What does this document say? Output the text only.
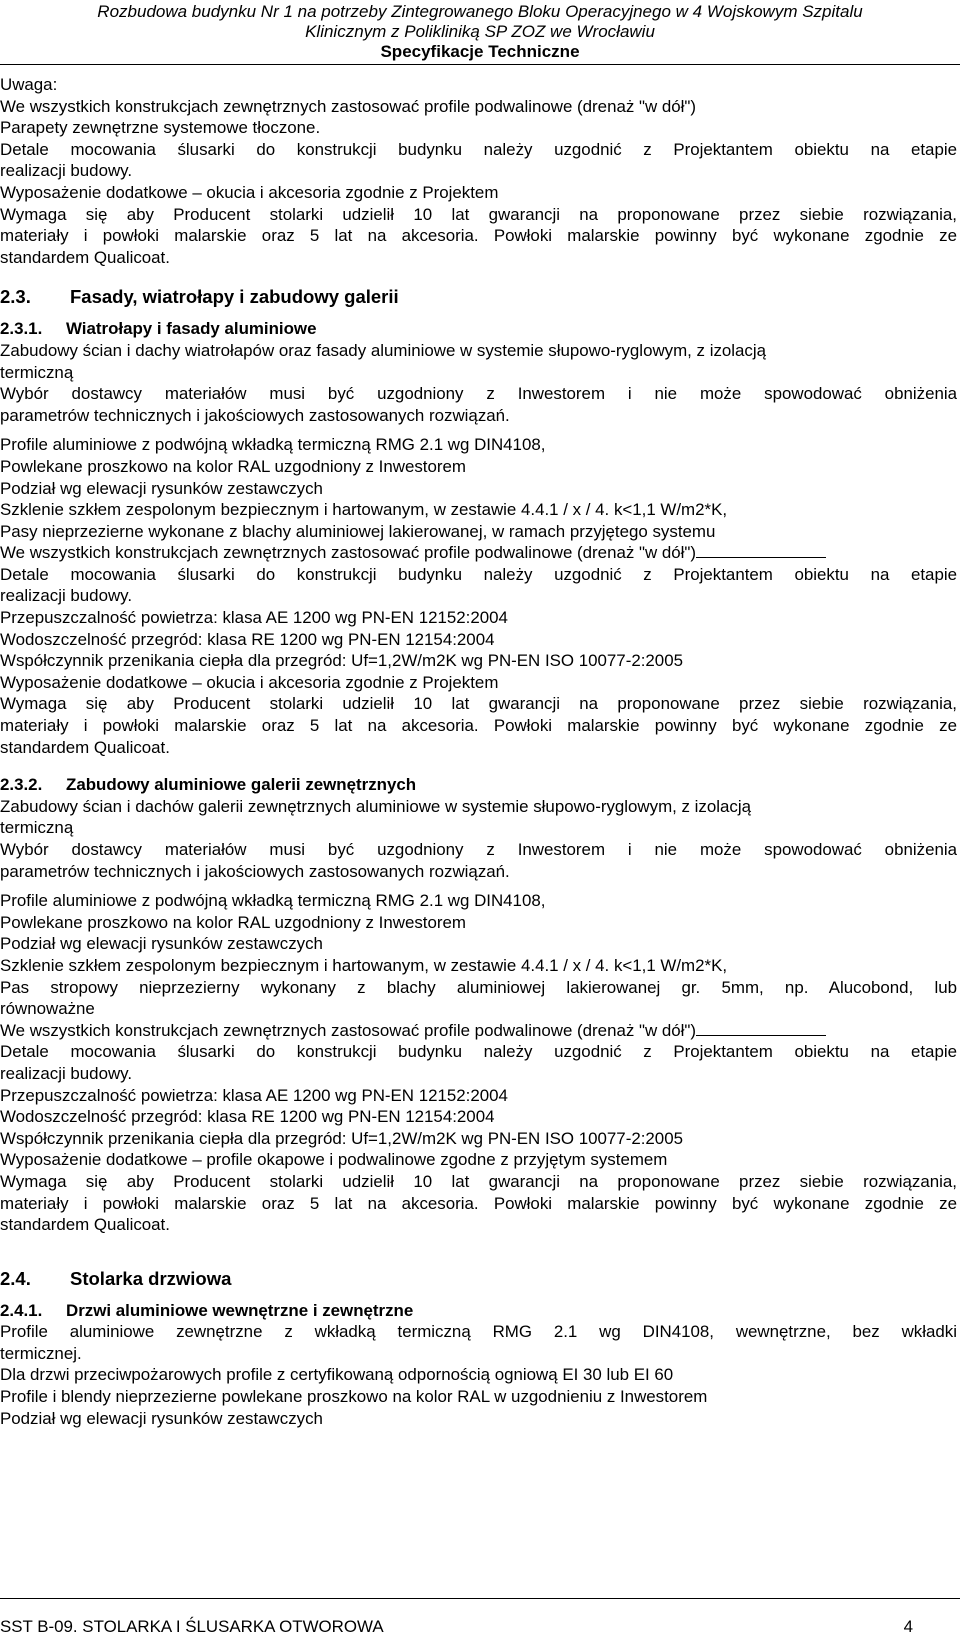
Rozbudowa budynku Nr 1 na potrzeby Zintegrowanego Bloku Operacyjnego w 4 Wojskowym Szpitalu
Klinicznym z Polikliniką SP ZOZ we Wrocławiu
Specyfikacje Techniczne
Uwaga:
We wszystkich konstrukcjach zewnętrznych zastosować profile podwalinowe (drenaż "w dół")
Parapety zewnętrzne systemowe tłoczone.
Detale mocowania ślusarki do konstrukcji budynku należy uzgodnić z Projektantem obiektu na etapie
realizacji budowy.
Wyposażenie dodatkowe – okucia i akcesoria zgodnie z Projektem
Wymaga się aby Producent stolarki udzielił 10 lat gwarancji na proponowane przez siebie rozwiązania,
materiały i powłoki malarskie oraz 5 lat na akcesoria. Powłoki malarskie powinny być wykonane zgodnie ze
standardem Qualicoat.
2.3. Fasady, wiatrołapy i zabudowy galerii
2.3.1. Wiatrołapy i fasady aluminiowe
Zabudowy ścian i dachy wiatrołapów oraz fasady aluminiowe w systemie słupowo-ryglowym, z izolacją
termiczną
Wybór dostawcy materiałów musi być uzgodniony z Inwestorem i nie może spowodować obniżenia
parametrów technicznych i jakościowych zastosowanych rozwiązań.
Profile aluminiowe z podwójną wkładką termiczną RMG 2.1 wg DIN4108,
Powlekane proszkowo na kolor RAL uzgodniony z Inwestorem
Podział wg elewacji rysunków zestawczych
Szklenie szkłem zespolonym bezpiecznym i hartowanym, w zestawie 4.4.1 / x / 4. k<1,1 W/m2*K,
Pasy nieprzezierne wykonane z blachy aluminiowej lakierowanej, w ramach przyjętego systemu
We wszystkich konstrukcjach zewnętrznych zastosować profile podwalinowe (drenaż "w dół")
Detale mocowania ślusarki do konstrukcji budynku należy uzgodnić z Projektantem obiektu na etapie
realizacji budowy.
Przepuszczalność powietrza: klasa AE 1200 wg PN-EN 12152:2004
Wodoszczelność przegród: klasa RE 1200 wg PN-EN 12154:2004
Współczynnik przenikania ciepła dla przegród: Uf=1,2W/m2K wg PN-EN ISO 10077-2:2005
Wyposażenie dodatkowe – okucia i akcesoria zgodnie z Projektem
Wymaga się aby Producent stolarki udzielił 10 lat gwarancji na proponowane przez siebie rozwiązania,
materiały i powłoki malarskie oraz 5 lat na akcesoria. Powłoki malarskie powinny być wykonane zgodnie ze
standardem Qualicoat.
2.3.2. Zabudowy aluminiowe galerii zewnętrznych
Zabudowy ścian i dachów galerii zewnętrznych aluminiowe w systemie słupowo-ryglowym, z izolacją
termiczną
Wybór dostawcy materiałów musi być uzgodniony z Inwestorem i nie może spowodować obniżenia
parametrów technicznych i jakościowych zastosowanych rozwiązań.
Profile aluminiowe z podwójną wkładką termiczną RMG 2.1 wg DIN4108,
Powlekane proszkowo na kolor RAL uzgodniony z Inwestorem
Podział wg elewacji rysunków zestawczych
Szklenie szkłem zespolonym bezpiecznym i hartowanym, w zestawie 4.4.1 / x / 4. k<1,1 W/m2*K,
Pas stropowy nieprzezierny wykonany z blachy aluminiowej lakierowanej gr. 5mm, np. Alucobond, lub
równoważne
We wszystkich konstrukcjach zewnętrznych zastosować profile podwalinowe (drenaż "w dół")
Detale mocowania ślusarki do konstrukcji budynku należy uzgodnić z Projektantem obiektu na etapie
realizacji budowy.
Przepuszczalność powietrza: klasa AE 1200 wg PN-EN 12152:2004
Wodoszczelność przegród: klasa RE 1200 wg PN-EN 12154:2004
Współczynnik przenikania ciepła dla przegród: Uf=1,2W/m2K wg PN-EN ISO 10077-2:2005
Wyposażenie dodatkowe – profile okapowe i podwalinowe zgodne z przyjętym systemem
Wymaga się aby Producent stolarki udzielił 10 lat gwarancji na proponowane przez siebie rozwiązania,
materiały i powłoki malarskie oraz 5 lat na akcesoria. Powłoki malarskie powinny być wykonane zgodnie ze
standardem Qualicoat.
2.4. Stolarka drzwiowa
2.4.1. Drzwi aluminiowe wewnętrzne i zewnętrzne
Profile aluminiowe zewnętrzne z wkładką termiczną RMG 2.1 wg DIN4108, wewnętrzne, bez wkładki
termicznej.
Dla drzwi przeciwpożarowych profile z certyfikowaną odpornością ogniową EI 30 lub EI 60
Profile i blendy nieprzezierne powlekane proszkowo na kolor RAL w uzgodnieniu z Inwestorem
Podział wg elewacji rysunków zestawczych
SST B-09. STOLARKA I ŚLUSARKA OTWOROWA	4
